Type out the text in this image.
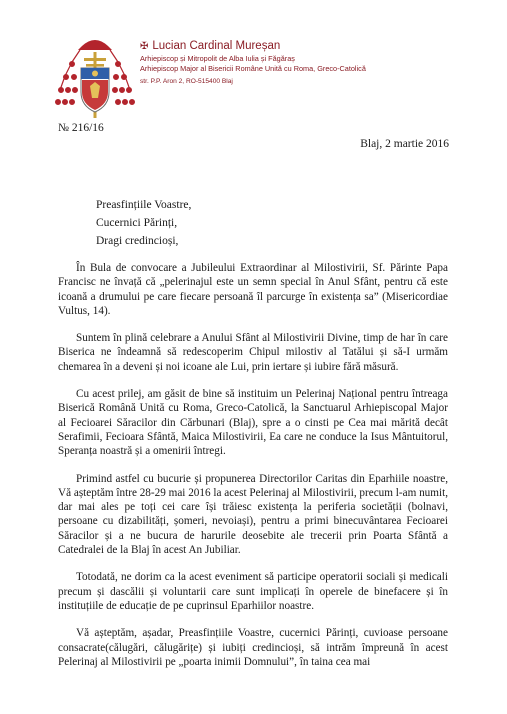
✠ Lucian Cardinal Mureșan
Arhiepiscop și Mitropolit de Alba Iulia și Făgăraș
Arhiepiscop Major al Bisericii Române Unită cu Roma, Greco-Catolică
str. P.P. Aron 2, RO-515400 Blaj
№ 216/16
Blaj, 2 martie 2016
Preasfințiile Voastre,
Cucernici Părinți,
Dragi credincioși,

În Bula de convocare a Jubileului Extraordinar al Milostivirii, Sf. Părinte Papa Francisc ne învață că „pelerinajul este un semn special în Anul Sfânt, pentru că este icoană a drumului pe care fiecare persoană îl parcurge în existența sa” (Misericordiae Vultus, 14).

Suntem în plină celebrare a Anului Sfânt al Milostivirii Divine, timp de har în care Biserica ne îndeamnă să redescoperim Chipul milostiv al Tatălui și să-I urmăm chemarea în a deveni și noi icoane ale Lui, prin iertare și iubire fără măsură.

Cu acest prilej, am găsit de bine să instituim un Pelerinaj Național pentru întreaga Biserică Română Unită cu Roma, Greco-Catolică, la Sanctuarul Arhiepiscopal Major al Fecioarei Săracilor din Cărbunari (Blaj), spre a o cinsti pe Cea mai mărită decât Serafimii, Fecioara Sfântă, Maica Milostivirii, Ea care ne conduce la Isus Mântuitorul, Speranța noastră și a omenirii întregi.

Primind astfel cu bucurie și propunerea Directorilor Caritas din Eparhiile noastre, Vă așteptăm între 28-29 mai 2016 la acest Pelerinaj al Milostivirii, precum l-am numit, dar mai ales pe toți cei care își trăiesc existența la periferia societății (bolnavi, persoane cu dizabilități, șomeri, nevoiași), pentru a primi binecuvântarea Fecioarei Săracilor și a ne bucura de harurile deosebite ale trecerii prin Poarta Sfântă a Catedralei de la Blaj în acest An Jubiliar.

Totodată, ne dorim ca la acest eveniment să participe operatorii sociali și medicali precum și dascălii și voluntarii care sunt implicați în operele de binefacere și în instituțiile de educație de pe cuprinsul Eparhiilor noastre.

Vă așteptăm, așadar, Preasfințiile Voastre, cucernici Părinți, cuvioase persoane consacrate(călugări, călugărițe) și iubiți credincioși, să intrăm împreună în acest Pelerinaj al Milostivirii pe „poarta inimii Domnului”, în taina cea mai
